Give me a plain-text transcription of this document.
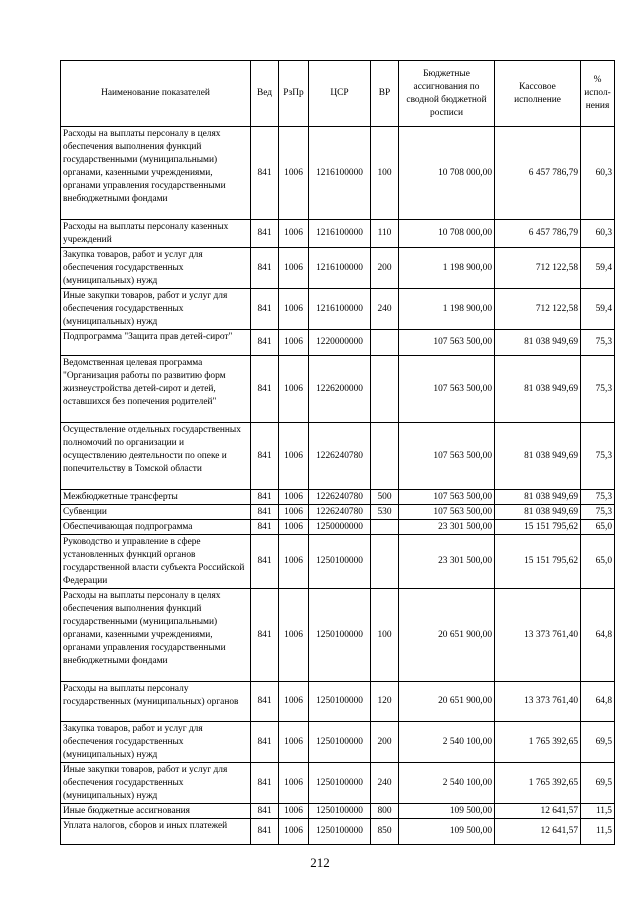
Наименование показателей	Вед	РзПр	ЦСР	ВР	Бюджетные ассигнования по сводной бюджетной росписи	Кассовое исполнение	% испол-нения
Расходы на выплаты персоналу в целях обеспечения выполнения функций государственными (муниципальными) органами, казенными учреждениями, органами управления государственными внебюджетными фондами	841	1006	1216100000	100	10 708 000,00	6 457 786,79	60,3
Расходы на выплаты персоналу казенных учреждений	841	1006	1216100000	110	10 708 000,00	6 457 786,79	60,3
Закупка товаров, работ и услуг для обеспечения государственных (муниципальных) нужд	841	1006	1216100000	200	1 198 900,00	712 122,58	59,4
Иные закупки товаров, работ и услуг для обеспечения государственных (муниципальных) нужд	841	1006	1216100000	240	1 198 900,00	712 122,58	59,4
Подпрограмма "Защита прав детей-сирот"	841	1006	1220000000		107 563 500,00	81 038 949,69	75,3
Ведомственная целевая программа "Организация работы по развитию форм жизнеустройства детей-сирот и детей, оставшихся без попечения родителей"	841	1006	1226200000		107 563 500,00	81 038 949,69	75,3
Осуществление отдельных государственных полномочий по организации и осуществлению деятельности по опеке и попечительству в Томской области	841	1006	1226240780		107 563 500,00	81 038 949,69	75,3
Межбюджетные трансферты	841	1006	1226240780	500	107 563 500,00	81 038 949,69	75,3
Субвенции	841	1006	1226240780	530	107 563 500,00	81 038 949,69	75,3
Обеспечивающая подпрограмма	841	1006	1250000000		23 301 500,00	15 151 795,62	65,0
Руководство и управление в сфере установленных функций органов государственной власти субъекта Российской Федерации	841	1006	1250100000		23 301 500,00	15 151 795,62	65,0
Расходы на выплаты персоналу в целях обеспечения выполнения функций государственными (муниципальными) органами, казенными учреждениями, органами управления государственными внебюджетными фондами	841	1006	1250100000	100	20 651 900,00	13 373 761,40	64,8
Расходы на выплаты персоналу государственных (муниципальных) органов	841	1006	1250100000	120	20 651 900,00	13 373 761,40	64,8
Закупка товаров, работ и услуг для обеспечения государственных (муниципальных) нужд	841	1006	1250100000	200	2 540 100,00	1 765 392,65	69,5
Иные закупки товаров, работ и услуг для обеспечения государственных (муниципальных) нужд	841	1006	1250100000	240	2 540 100,00	1 765 392,65	69,5
Иные бюджетные ассигнования	841	1006	1250100000	800	109 500,00	12 641,57	11,5
Уплата налогов, сборов и иных платежей	841	1006	1250100000	850	109 500,00	12 641,57	11,5
212
